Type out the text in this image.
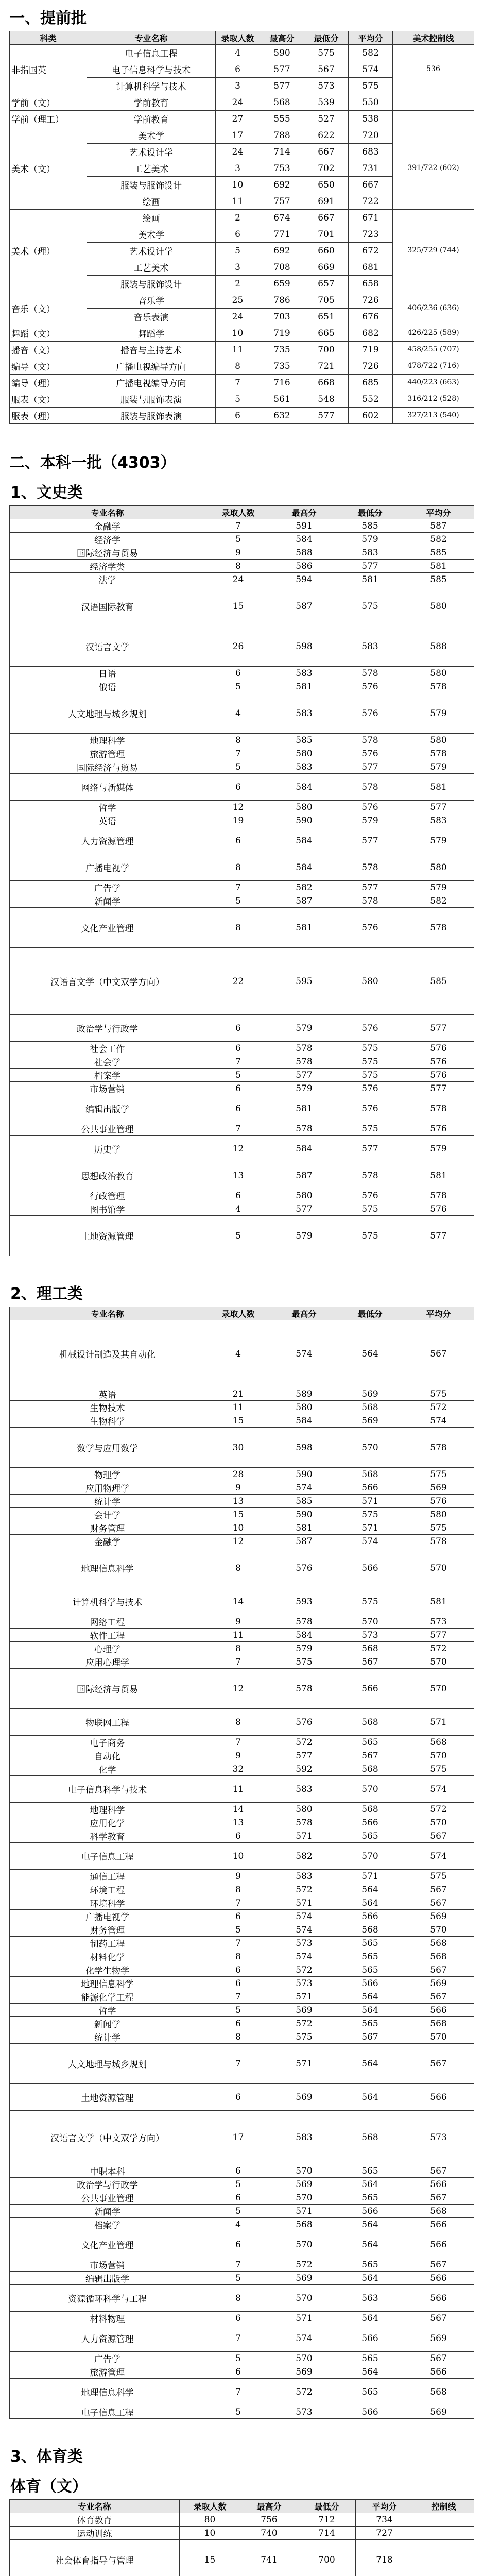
一、提前批
科类	专业名称	录取人数	最高分	最低分	平均分	美术控制线
非指国英	电子信息工程	4	590	575	582	536
	电子信息科学与技术	6	577	567	574	
	计算机科学与技术	3	577	573	575	
学前（文）	学前教育	24	568	539	550	
学前（理工）	学前教育	27	555	527	538	
美术（文）	美术学	17	788	622	720	391/722 (602)
	艺术设计学	24	714	667	683	
	工艺美术	3	753	702	731	
	服装与服饰设计	10	692	650	667	
	绘画	11	757	691	722	
美术（理）	绘画	2	674	667	671	325/729 (744)
	美术学	6	771	701	723	
	艺术设计学	5	692	660	672	
	工艺美术	3	708	669	681	
	服装与服饰设计	2	659	657	658	
音乐（文）	音乐学	25	786	705	726	406/236 (636)
	音乐表演	24	703	651	676	
舞蹈（文）	舞蹈学	10	719	665	682	426/225 (589)
播音（文）	播音与主持艺术	11	735	700	719	458/255 (707)
编导（文）	广播电视编导方向	8	735	721	726	478/722 (716)
编导（理）	广播电视编导方向	7	716	668	685	440/223 (663)
服表（文）	服装与服饰表演	5	561	548	552	316/212 (528)
服表（理）	服装与服饰表演	6	632	577	602	327/213 (540)
二、本科一批（4303）
1、文史类
专业名称	录取人数	最高分	最低分	平均分
金融学	7	591	585	587
经济学	5	584	579	582
国际经济与贸易	9	588	583	585
经济学类	8	586	577	581
法学	24	594	581	585
汉语国际教育	15	587	575	580
汉语言文学	26	598	583	588
日语	6	583	578	580
俄语	5	581	576	578
人文地理与城乡规划	4	583	576	579
地理科学	8	585	578	580
旅游管理	7	580	576	578
国际经济与贸易	5	583	577	579
网络与新媒体	6	584	578	581
哲学	12	580	576	577
英语	19	590	579	583
人力资源管理	6	584	577	579
广播电视学	8	584	578	580
广告学	7	582	577	579
新闻学	5	587	578	582
文化产业管理	8	581	576	578
汉语言文学（中文双学方向）	22	595	580	585
政治学与行政学	6	579	576	577
社会工作	6	578	575	576
社会学	7	578	575	576
档案学	5	577	575	576
市场营销	6	579	576	577
编辑出版学	6	581	576	578
公共事业管理	7	578	575	576
历史学	12	584	577	579
思想政治教育	13	587	578	581
行政管理	6	580	576	578
图书馆学	4	577	575	576
土地资源管理	5	579	575	577
2、理工类
专业名称	录取人数	最高分	最低分	平均分
机械设计制造及其自动化	4	574	564	567
英语	21	589	569	575
生物技术	11	580	568	572
生物科学	15	584	569	574
数学与应用数学	30	598	570	578
物理学	28	590	568	575
应用物理学	9	574	566	569
统计学	13	585	571	576
会计学	15	590	575	580
财务管理	10	581	571	575
金融学	12	587	574	578
地理信息科学	8	576	566	570
计算机科学与技术	14	593	575	581
网络工程	9	578	570	573
软件工程	11	584	573	577
心理学	8	579	568	572
应用心理学	7	575	567	570
国际经济与贸易	12	578	566	570
物联网工程	8	576	568	571
电子商务	7	572	565	568
自动化	9	577	567	570
化学	32	592	568	575
电子信息科学与技术	11	583	570	574
地理科学	14	580	568	572
应用化学	13	578	566	570
科学教育	6	571	565	567
电子信息工程	10	582	570	574
通信工程	9	583	571	575
环境工程	8	572	564	567
环境科学	7	571	564	567
广播电视学	6	574	566	569
财务管理	5	574	568	570
制药工程	7	573	565	568
材料化学	8	574	565	568
化学生物学	6	572	565	567
地理信息科学	6	573	566	569
能源化学工程	7	571	564	567
哲学	5	569	564	566
新闻学	6	572	565	568
统计学	8	575	567	570
人文地理与城乡规划	7	571	564	567
土地资源管理	6	569	564	566
汉语言文学（中文双学方向）	17	583	568	573
中职本科	6	570	565	567
政治学与行政学	5	569	564	566
公共事业管理	6	570	565	567
新闻学	5	571	566	568
档案学	4	568	564	566
文化产业管理	6	570	564	566
市场营销	7	572	565	567
编辑出版学	5	569	564	566
资源循环科学与工程	8	570	563	566
材料物理	6	571	564	567
人力资源管理	7	574	566	569
广告学	5	570	565	567
旅游管理	6	569	564	566
地理信息科学	7	572	565	568
电子信息工程	5	573	566	569
3、体育类
体育（文）
专业名称	录取人数	最高分	最低分	平均分	控制线
体育教育	80	756	712	734	
运动训练	10	740	714	727	
社会体育指导与管理	15	741	700	718	
